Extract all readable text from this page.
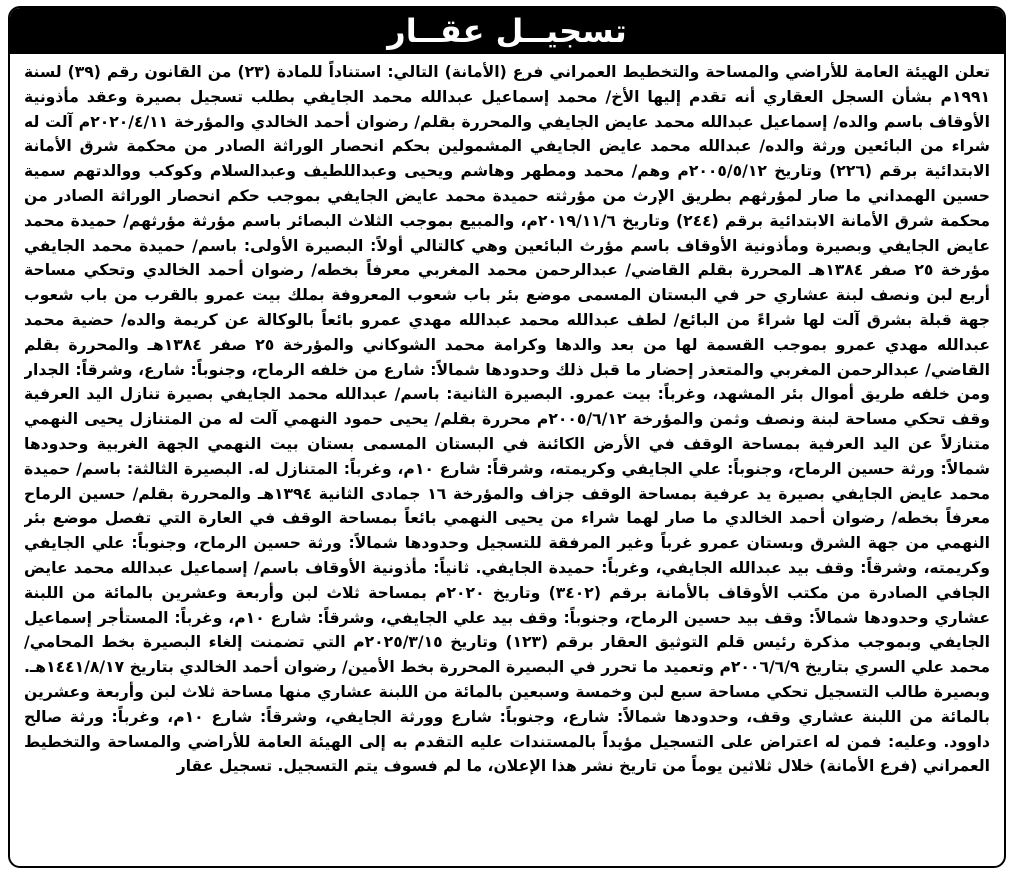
تسجيــل عقــار
تعلن الهيئة العامة للأراضي والمساحة والتخطيط العمراني فرع (الأمانة) التالي: استناداً للمادة (٢٣) من القانون رقم (٣٩) لسنة ١٩٩١م بشأن السجل العقاري أنه تقدم إليها الأخ/ محمد إسماعيل عبدالله محمد الجايفي بطلب تسجيل بصيرة وعقد مأذونية الأوقاف باسم والده/ إسماعيل عبدالله محمد عايض الجايفي والمحررة بقلم/ رضوان أحمد الخالدي والمؤرخة ٢٠٢٠/٤/١١م آلت له شراء من البائعين ورثة والده/ عبدالله محمد عايض الجايفي المشمولين بحكم انحصار الوراثة الصادر من محكمة شرق الأمانة الابتدائية برقم (٢٢٦) وتاريخ ٢٠٠٥/٥/١٢م وهم/ محمد ومطهر وهاشم ويحيى وعبداللطيف وعبدالسلام وكوكب ووالدتهم سمية حسين الهمداني ما صار لمؤرثهم بطريق الإرث من مؤرثته حميدة محمد عايض الجايفي بموجب حكم انحصار الوراثة الصادر من محكمة شرق الأمانة الابتدائية برقم (٢٤٤) وتاريخ ٢٠١٩/١١/٦م، والمبيع بموجب الثلاث البصائر باسم مؤرثة مؤرثهم/ حميدة محمد عايض الجايفي وبصيرة ومأذونية الأوقاف باسم مؤرث البائعين وهي كالتالي أولاً: البصيرة الأولى: باسم/ حميدة محمد الجايفي مؤرخة ٢٥ صفر ١٣٨٤هـ المحررة بقلم القاضي/ عبدالرحمن محمد المغربي معرفاً بخطه/ رضوان أحمد الخالدي وتحكي مساحة أربع لبن ونصف لبنة عشاري حر في البستان المسمى موضع بئر باب شعوب المعروفة بملك بيت عمرو بالقرب من باب شعوب جهة قبلة بشرق آلت لها شراءً من البائع/ لطف عبدالله محمد عبدالله مهدي عمرو بائعاً بالوكالة عن كريمة والده/ حضية محمد عبدالله مهدي عمرو بموجب القسمة لها من بعد والدها وكرامة محمد الشوكاني والمؤرخة ٢٥ صفر ١٣٨٤هـ والمحررة بقلم القاضي/ عبدالرحمن المغربي والمتعذر إحضار ما قبل ذلك وحدودها شمالاً: شارع من خلفه الرماح، وجنوباً: شارع، وشرقاً: الجدار ومن خلفه طريق أموال بئر المشهد، وغرباً: بيت عمرو. البصيرة الثانية: باسم/ عبدالله محمد الجايفي بصيرة تنازل اليد العرفية وقف تحكي مساحة لبنة ونصف وثمن والمؤرخة ٢٠٠٥/٦/١٢م محررة بقلم/ يحيى حمود النهمي آلت له من المتنازل يحيى النهمي متنازلاً عن اليد العرفية بمساحة الوقف في الأرض الكائنة في البستان المسمى بستان بيت النهمي الجهة الغربية وحدودها شمالاً: ورثة حسين الرماح، وجنوباً: علي الجايفي وكريمته، وشرقاً: شارع ١٠م، وغرباً: المتنازل له. البصيرة الثالثة: باسم/ حميدة محمد عايض الجايفي بصيرة يد عرفية بمساحة الوقف جزاف والمؤرخة ١٦ جمادى الثانية ١٣٩٤هـ والمحررة بقلم/ حسين الرماح معرفاً بخطه/ رضوان أحمد الخالدي ما صار لهما شراء من يحيى النهمي بائعاً بمساحة الوقف في العارة التي تفصل موضع بئر النهمي من جهة الشرق وبستان عمرو غرباً وغير المرفقة للتسجيل وحدودها شمالاً: ورثة حسين الرماح، وجنوباً: علي الجايفي وكريمته، وشرقاً: وقف بيد عبدالله الجايفي، وغرباً: حميدة الجايفي. ثانياً: مأذونية الأوقاف باسم/ إسماعيل عبدالله محمد عايض الجافي الصادرة من مكتب الأوقاف بالأمانة برقم (٣٤٠٢) وتاريخ ٢٠٢٠م بمساحة ثلاث لبن وأربعة وعشرين بالمائة من اللبنة عشاري وحدودها شمالاً: وقف بيد حسين الرماح، وجنوباً: وقف بيد علي الجايفي، وشرقاً: شارع ١٠م، وغرباً: المستأجر إسماعيل الجايفي وبموجب مذكرة رئيس قلم التوثيق العقار برقم (١٢٣) وتاريخ ٢٠٢٥/٣/١٥م التي تضمنت إلغاء البصيرة بخط المحامي/ محمد علي السري بتاريخ ٢٠٠٦/٦/٩م وتعميد ما تحرر في البصيرة المحررة بخط الأمين/ رضوان أحمد الخالدي بتاريخ ١٤٤١/٨/١٧هـ. وبصيرة طالب التسجيل تحكي مساحة سبع لبن وخمسة وسبعين بالمائة من اللبنة عشاري منها مساحة ثلاث لبن وأربعة وعشرين بالمائة من اللبنة عشاري وقف، وحدودها شمالاً: شارع، وجنوباً: شارع وورثة الجايفي، وشرقاً: شارع ١٠م، وغرباً: ورثة صالح داوود. وعليه: فمن له اعتراض على التسجيل مؤيداً بالمستندات عليه التقدم به إلى الهيئة العامة للأراضي والمساحة والتخطيط العمراني (فرع الأمانة) خلال ثلاثين يوماً من تاريخ نشر هذا الإعلان، ما لم فسوف يتم التسجيل. تسجيل عقار
